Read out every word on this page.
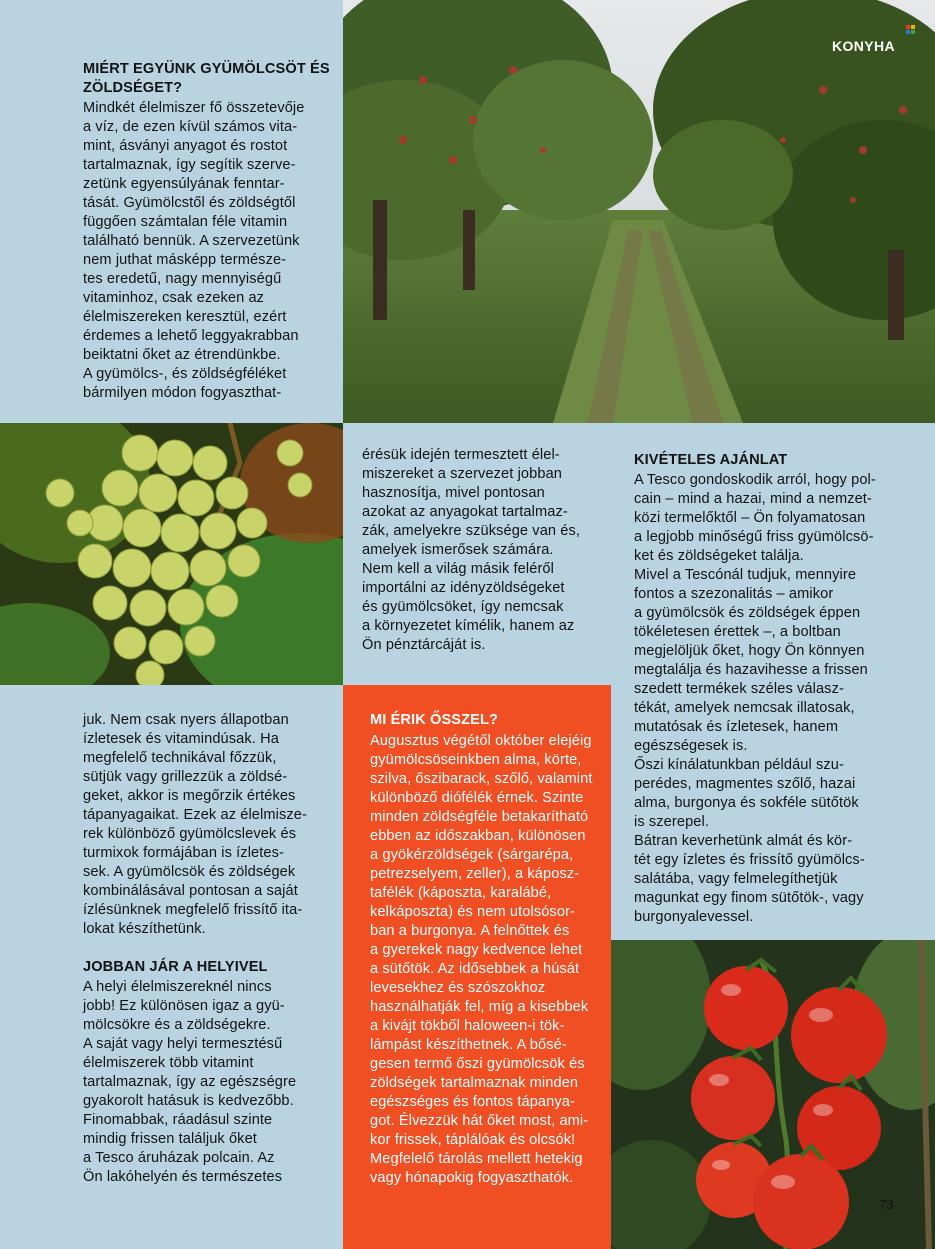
MIÉRT EGYÜNK GYÜMÖLCSÖT ÉS
ZÖLDSÉGET?

Mindkét élelmiszer fő összetevője
a víz, de ezen kívül számos vita-
mint, ásványi anyagot és rostot
tartalmaznak, így segítik szerve-
zetünk egyensúlyának fenntar-
tását. Gyümölcstől és zöldségtől
függően számtalan féle vitamin
található bennük. A szervezetünk
nem juthat másképp természe-
tes eredetű, nagy mennyiségű
vitaminhoz, csak ezeken az
élelmiszereken keresztül, ezért
érdemes a lehető leggyakrabban
beiktatni őket az étrendünkbe.
A gyümölcs-, és zöldségféléket
bármilyen módon fogyaszthat-

KONYHA

érésük idején termesztett élel-
miszereket a szervezet jobban
hasznosítja, mivel pontosan
azokat az anyagokat tartalmaz-
zák, amelyekre szüksége van és,
amelyek ismerősek számára.
Nem kell a világ másik feléről
importálni az idényzöldségeket
és gyümölcsöket, így nemcsak
a környezetet kímélik, hanem az
Ön pénztárcáját is.

juk. Nem csak nyers állapotban
ízletesek és vitamindúsak. Ha
megfelelő technikával főzzük,
sütjük vagy grillezzük a zöldsé-
geket, akkor is megőrzik értékes
tápanyagaikat. Ezek az élelmisze-
rek különböző gyümölcslevek és
turmixok formájában is ízletes-
sek. A gyümölcsök és zöldségek
kombinálásával pontosan a saját
ízlésünknek megfelelő frissítő ita-
lokat készíthetünk.

JOBBAN JÁR A HELYIVEL

A helyi élelmiszereknél nincs
jobb! Ez különösen igaz a gyü-
mölcsökre és a zöldségekre.
A saját vagy helyi termesztésű
élelmiszerek több vitamint
tartalmaznak, így az egészségre
gyakorolt hatásuk is kedvezőbb.
Finomabbak, ráadásul szinte
mindig frissen találjuk őket
a Tesco áruházak polcain. Az
Ön lakóhelyén és természetes

MI ÉRIK ŐSSZEL?

Augusztus végétől október elejéig
gyümölcsöseinkben alma, körte,
szilva, őszibarack, szőlő, valamint
különböző diófélék érnek. Szinte
minden zöldségféle betakarítható
ebben az időszakban, különösen
a gyökérzöldségek (sárgarépa,
petrezselyem, zeller), a káposz-
tafélék (káposzta, karalábé,
kelkáposzta) és nem utolsósor-
ban a burgonya. A felnőttek és
a gyerekek nagy kedvence lehet
a sütőtök. Az idősebbek a húsát
levesekhez és szószokhoz
használhatják fel, míg a kisebbek
a kivájt tökből haloween-i tök-
lámpást készíthetnek. A bősé-
gesen termő őszi gyümölcsök és
zöldségek tartalmaznak minden
egészséges és fontos tápanya-
got. Élvezzük hát őket most, ami-
kor frissek, táplálóak és olcsók!
Megfelelő tárolás mellett hetekig
vagy hónapokig fogyaszthatók.

KIVÉTELES AJÁNLAT

A Tesco gondoskodik arról, hogy pol-
cain – mind a hazai, mind a nemzet-
közi termelőktől – Ön folyamatosan
a legjobb minőségű friss gyümölcsö-
ket és zöldségeket találja.
Mivel a Tescónál tudjuk, mennyire
fontos a szezonalitás – amikor
a gyümölcsök és zöldségek éppen
tökéletesen érettek –, a boltban
megjelöljük őket, hogy Ön könnyen
megtalálja és hazavihesse a frissen
szedett termékek széles válasz-
tékát, amelyek nemcsak illatosak,
mutatósak és ízletesek, hanem
egészségesek is.
Őszi kínálatunkban például szu-
perédes, magmentes szőlő, hazai
alma, burgonya és sokféle sütőtök
is szerepel.
Bátran keverhetünk almát és kör-
tét egy ízletes és frissítő gyümölcs-
salátába, vagy felmelegíthetjük
magunkat egy finom sütőtök-, vagy
burgonyalevessel.

73
